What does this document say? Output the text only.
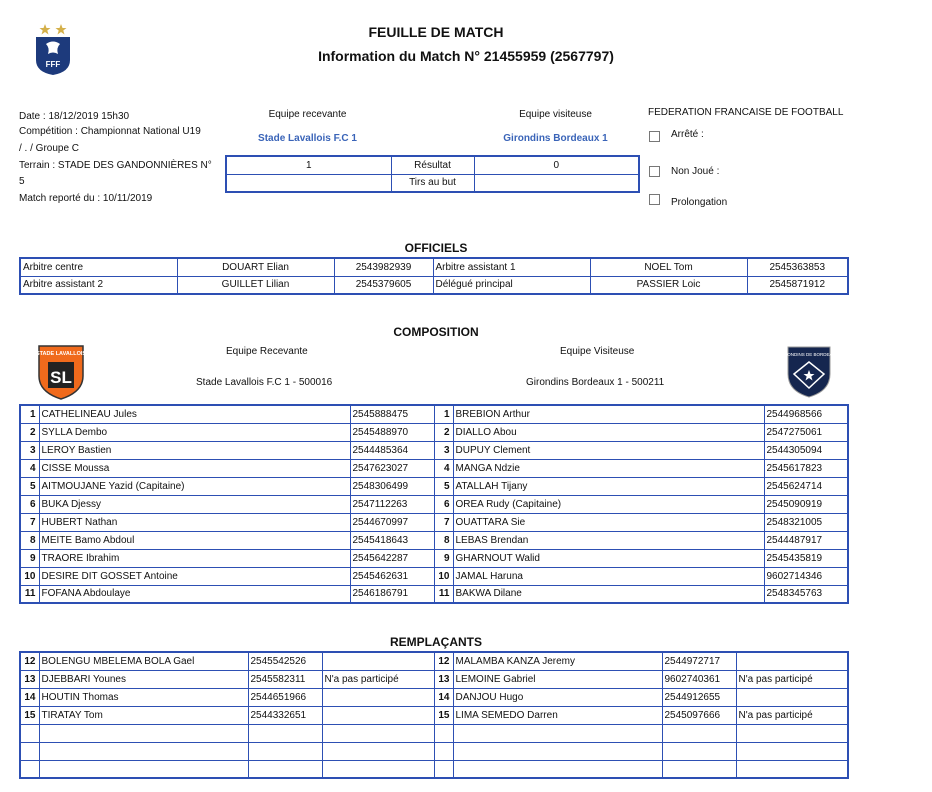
FFF
FEUILLE DE MATCH
Information du Match N° 21455959 (2567797)
Date : 18/12/2019 15h30
Compétition : Championnat National U19
/ . / Groupe C
Terrain : STADE DES GANDONNIÈRES N°
5
Match reporté du : 10/11/2019
Equipe recevante	Equipe visiteuse
Stade Lavallois F.C 1	Girondins Bordeaux 1
1	Résultat	0
	Tirs au but	
FEDERATION FRANCAISE DE FOOTBALL
Arrêté :
Non Joué :
Prolongation
OFFICIELS
Arbitre centre	DOUART Elian	2543982939	Arbitre assistant 1	NOEL Tom	2545363853
Arbitre assistant 2	GUILLET Lilian	2545379605	Délégué principal	PASSIER Loic	2545871912
COMPOSITION
Equipe Recevante	Equipe Visiteuse
Stade Lavallois F.C 1 - 500016	Girondins Bordeaux 1 - 500211
STADE LAVALLOIS
SL
GIRONDINS DE BORDEAUX
1	CATHELINEAU Jules	2545888475	1	BREBION Arthur	2544968566
2	SYLLA Dembo	2545488970	2	DIALLO Abou	2547275061
3	LEROY Bastien	2544485364	3	DUPUY Clement	2544305094
4	CISSE Moussa	2547623027	4	MANGA Ndzie	2545617823
5	AITMOUJANE Yazid (Capitaine)	2548306499	5	ATALLAH Tijany	2545624714
6	BUKA Djessy	2547112263	6	OREA Rudy (Capitaine)	2545090919
7	HUBERT Nathan	2544670997	7	OUATTARA Sie	2548321005
8	MEITE Bamo Abdoul	2545418643	8	LEBAS Brendan	2544487917
9	TRAORE Ibrahim	2545642287	9	GHARNOUT Walid	2545435819
10	DESIRE DIT GOSSET Antoine	2545462631	10	JAMAL Haruna	9602714346
11	FOFANA Abdoulaye	2546186791	11	BAKWA Dilane	2548345763
REMPLAÇANTS
12	BOLENGU MBELEMA BOLA Gael	2545542526		12	MALAMBA KANZA Jeremy	2544972717	
13	DJEBBARI Younes	2545582311	N'a pas participé	13	LEMOINE Gabriel	9602740361	N'a pas participé
14	HOUTIN Thomas	2544651966		14	DANJOU Hugo	2544912655	
15	TIRATAY Tom	2544332651		15	LIMA SEMEDO Darren	2545097666	N'a pas participé
